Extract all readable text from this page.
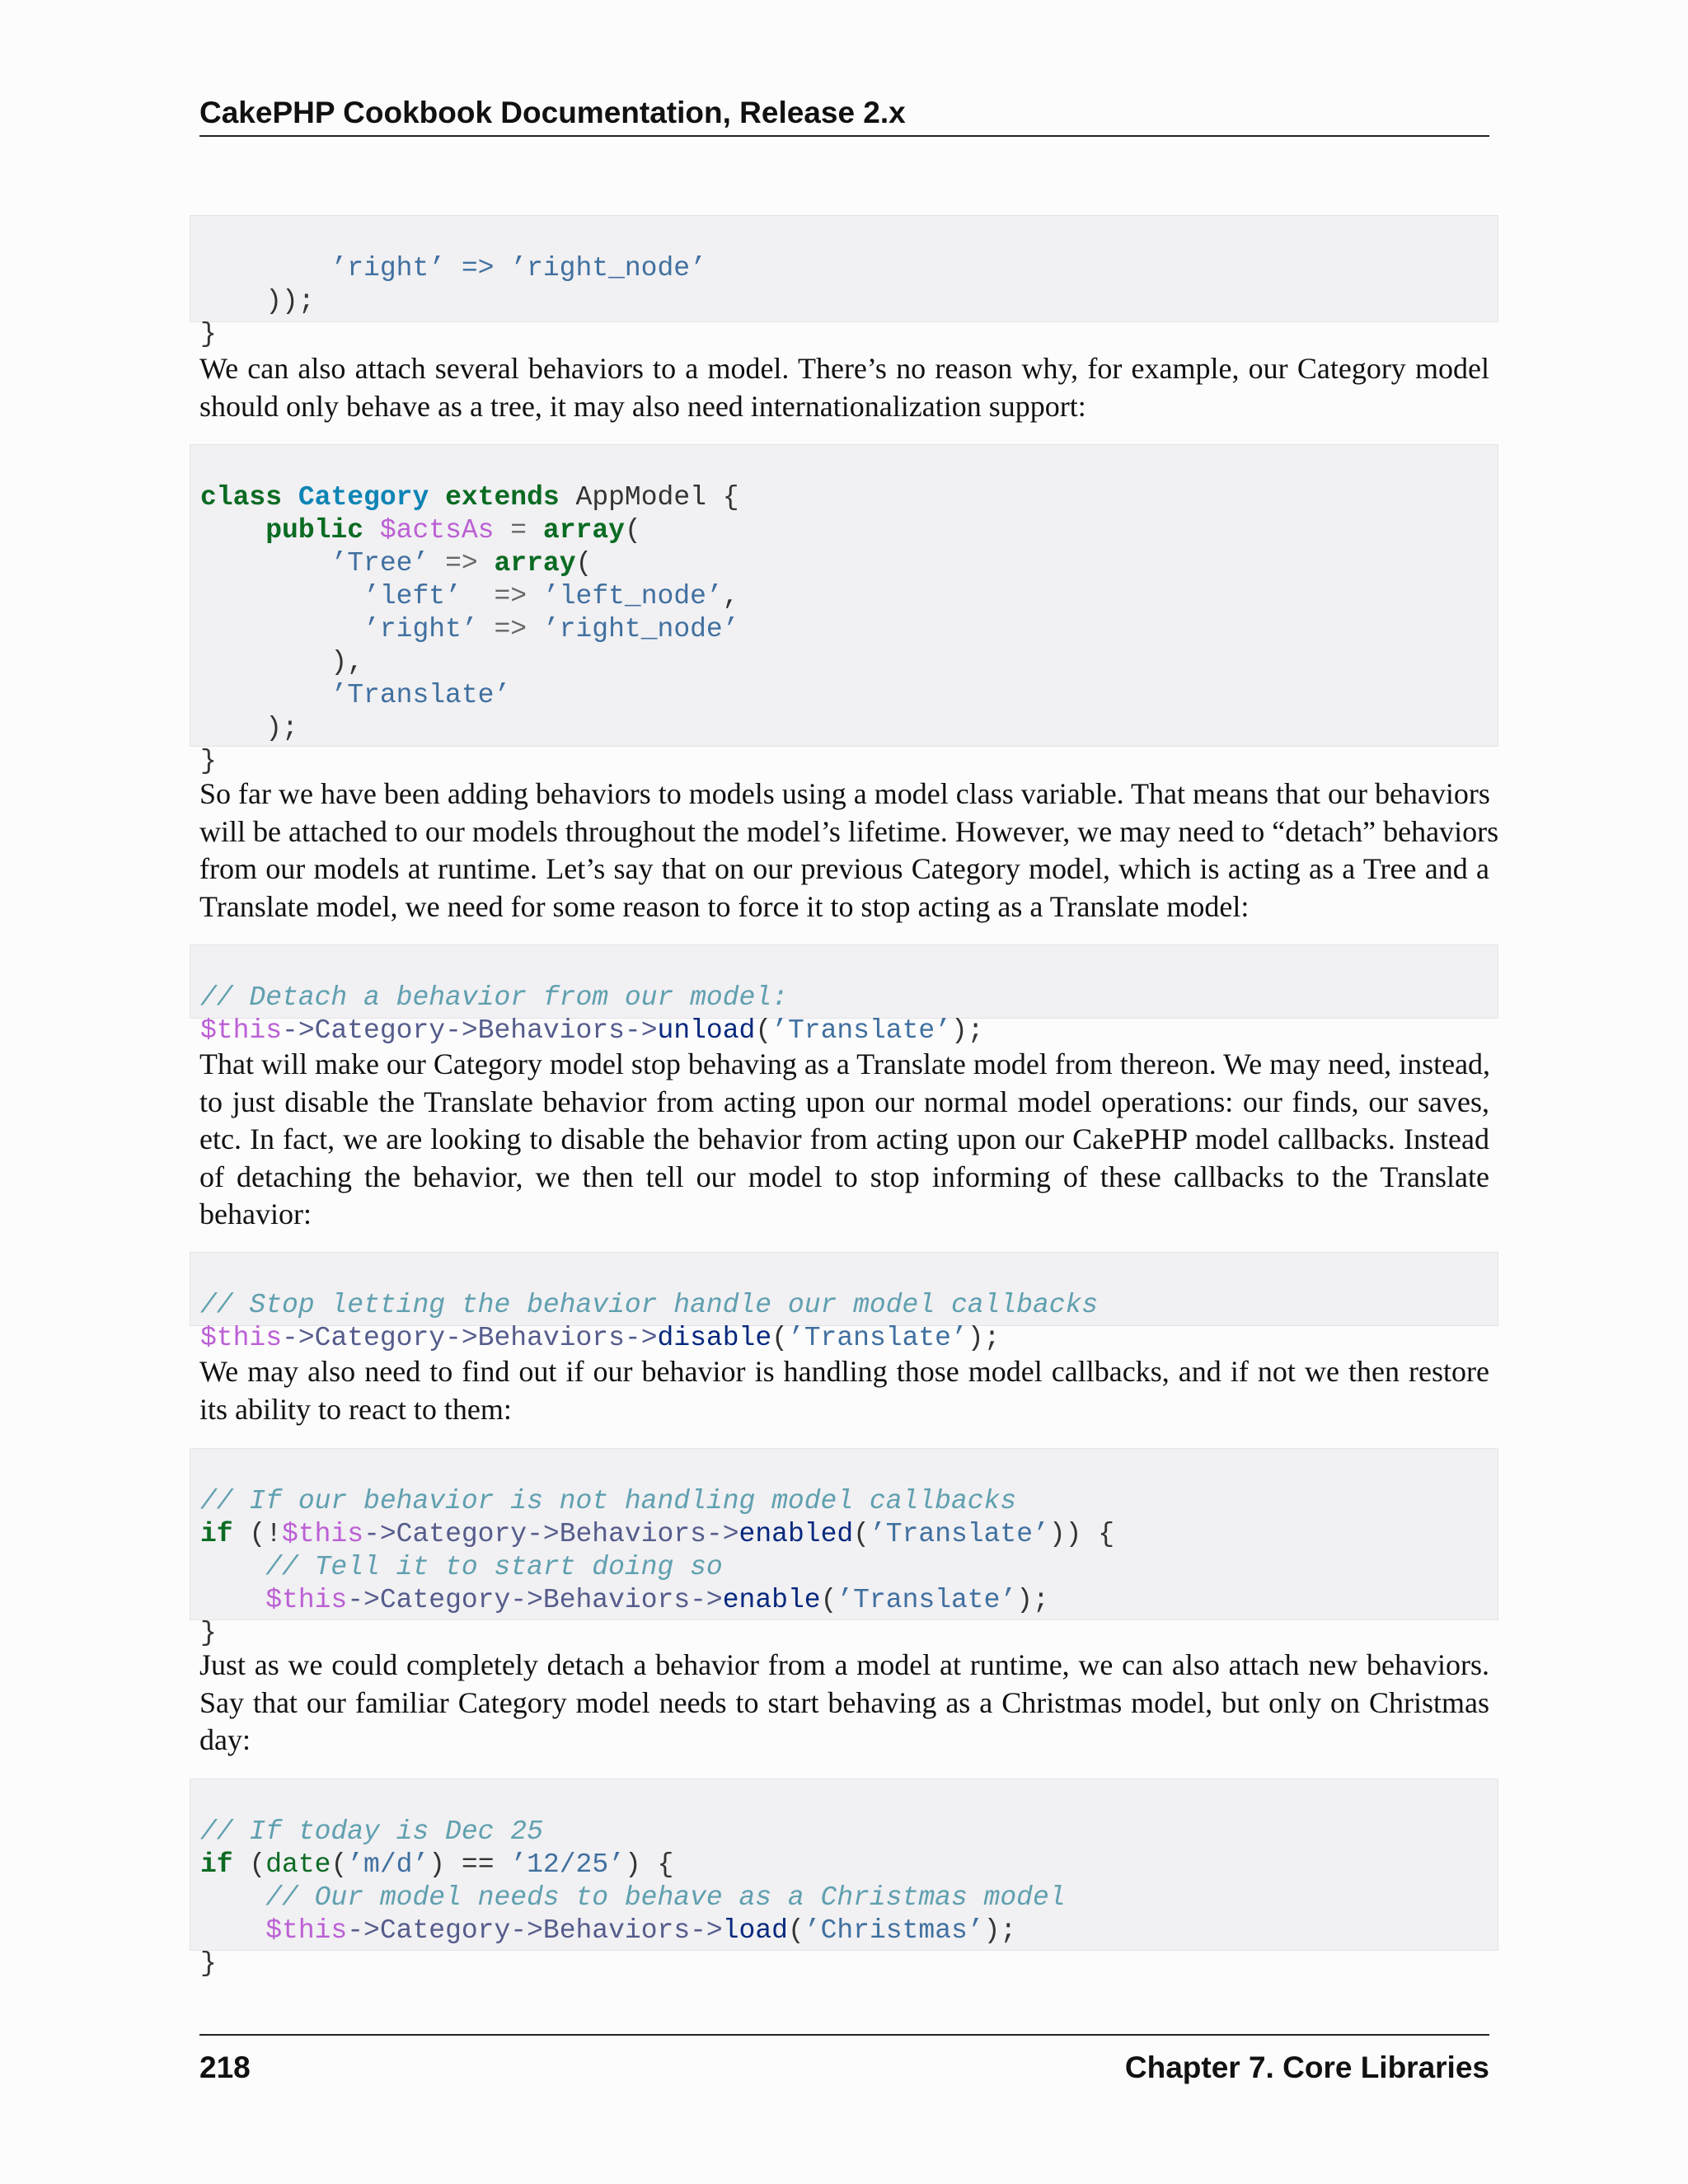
CakePHP Cookbook Documentation, Release 2.x

’right’ => ’right_node’
));
}

We can also attach several behaviors to a model. There’s no reason why, for example, our Category model
should only behave as a tree, it may also need internationalization support:

class Category extends AppModel {
public $actsAs = array(
’Tree’ => array(
’left’  => ’left_node’,
’right’ => ’right_node’
),
’Translate’
);
}

So far we have been adding behaviors to models using a model class variable. That means that our behaviors
will be attached to our models throughout the model’s lifetime. However, we may need to “detach” behaviors
from our models at runtime. Let’s say that on our previous Category model, which is acting as a Tree and a
Translate model, we need for some reason to force it to stop acting as a Translate model:

// Detach a behavior from our model:
$this->Category->Behaviors->unload(’Translate’);

That will make our Category model stop behaving as a Translate model from thereon. We may need, instead,
to just disable the Translate behavior from acting upon our normal model operations: our finds, our saves,
etc. In fact, we are looking to disable the behavior from acting upon our CakePHP model callbacks. Instead
of detaching the behavior, we then tell our model to stop informing of these callbacks to the Translate
behavior:

// Stop letting the behavior handle our model callbacks
$this->Category->Behaviors->disable(’Translate’);

We may also need to find out if our behavior is handling those model callbacks, and if not we then restore
its ability to react to them:

// If our behavior is not handling model callbacks
if (!$this->Category->Behaviors->enabled(’Translate’)) {
// Tell it to start doing so
$this->Category->Behaviors->enable(’Translate’);
}

Just as we could completely detach a behavior from a model at runtime, we can also attach new behaviors.
Say that our familiar Category model needs to start behaving as a Christmas model, but only on Christmas
day:

// If today is Dec 25
if (date(’m/d’) == ’12/25’) {
// Our model needs to behave as a Christmas model
$this->Category->Behaviors->load(’Christmas’);
}

218	Chapter 7. Core Libraries
